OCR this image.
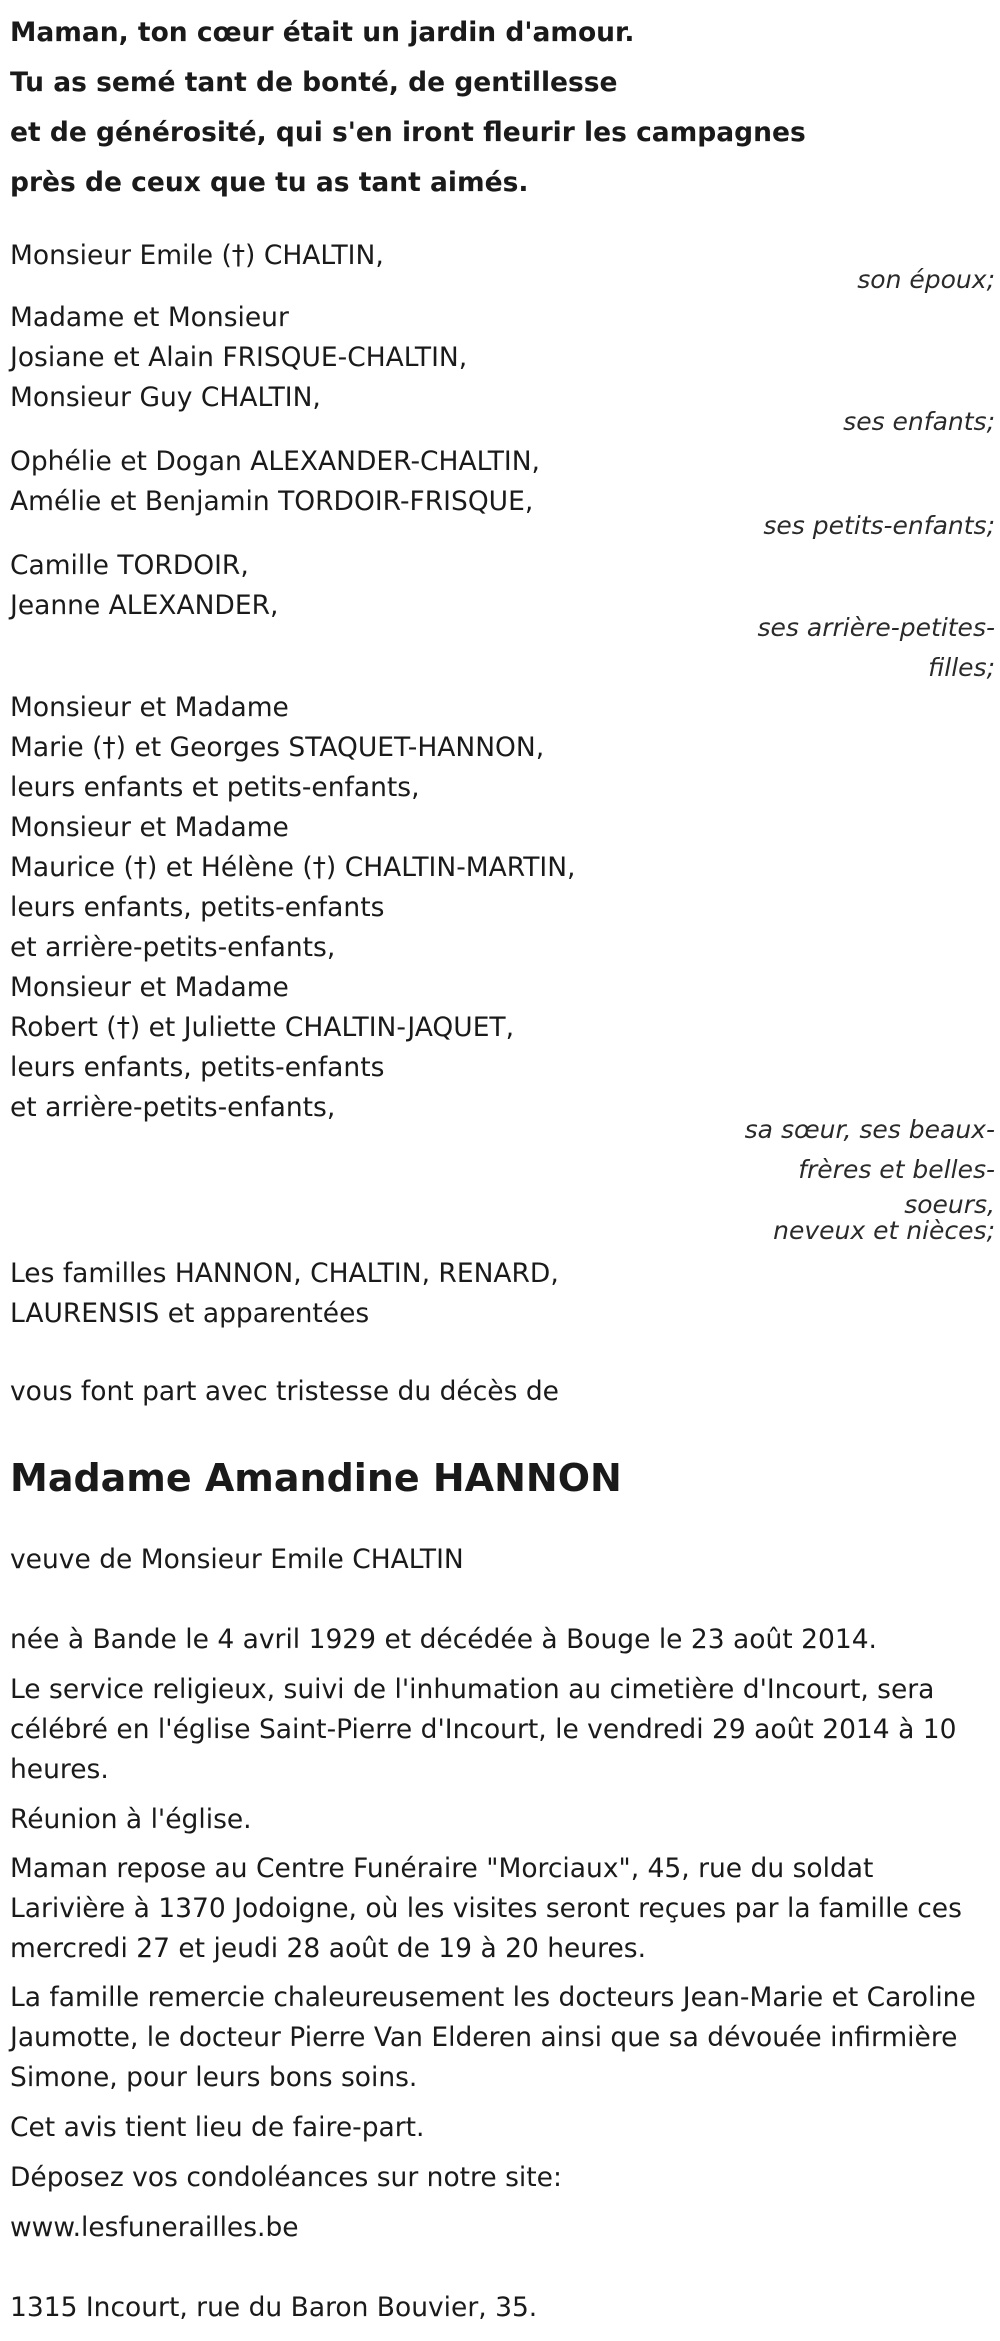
Maman, ton cœur était un jardin d'amour.
Tu as semé tant de bonté, de gentillesse
et de générosité, qui s'en iront fleurir les campagnes
près de ceux que tu as tant aimés.
Monsieur Emile (†) CHALTIN,
son époux;
Madame et Monsieur
Josiane et Alain FRISQUE-CHALTIN,
Monsieur Guy CHALTIN,
ses enfants;
Ophélie et Dogan ALEXANDER-CHALTIN,
Amélie et Benjamin TORDOIR-FRISQUE,
ses petits-enfants;
Camille TORDOIR,
Jeanne ALEXANDER,
ses arrière-petites-
filles;
Monsieur et Madame
Marie (†) et Georges STAQUET-HANNON,
leurs enfants et petits-enfants,
Monsieur et Madame
Maurice (†) et Hélène (†) CHALTIN-MARTIN,
leurs enfants, petits-enfants
et arrière-petits-enfants,
Monsieur et Madame
Robert (†) et Juliette CHALTIN-JAQUET,
leurs enfants, petits-enfants
et arrière-petits-enfants,
sa sœur, ses beaux-
frères et belles-
soeurs,
neveux et nièces;
Les familles HANNON, CHALTIN, RENARD,
LAURENSIS et apparentées
vous font part avec tristesse du décès de
Madame Amandine HANNON
veuve de Monsieur Emile CHALTIN
née à Bande le 4 avril 1929 et décédée à Bouge le 23 août 2014.
Le service religieux, suivi de l'inhumation au cimetière d'Incourt, sera
célébré en l'église Saint-Pierre d'Incourt, le vendredi 29 août 2014 à 10
heures.
Réunion à l'église.
Maman repose au Centre Funéraire "Morciaux", 45, rue du soldat
Larivière à 1370 Jodoigne, où les visites seront reçues par la famille ces
mercredi 27 et jeudi 28 août de 19 à 20 heures.
La famille remercie chaleureusement les docteurs Jean-Marie et Caroline
Jaumotte, le docteur Pierre Van Elderen ainsi que sa dévouée infirmière
Simone, pour leurs bons soins.
Cet avis tient lieu de faire-part.
Déposez vos condoléances sur notre site:
www.lesfunerailles.be
1315 Incourt, rue du Baron Bouvier, 35.
